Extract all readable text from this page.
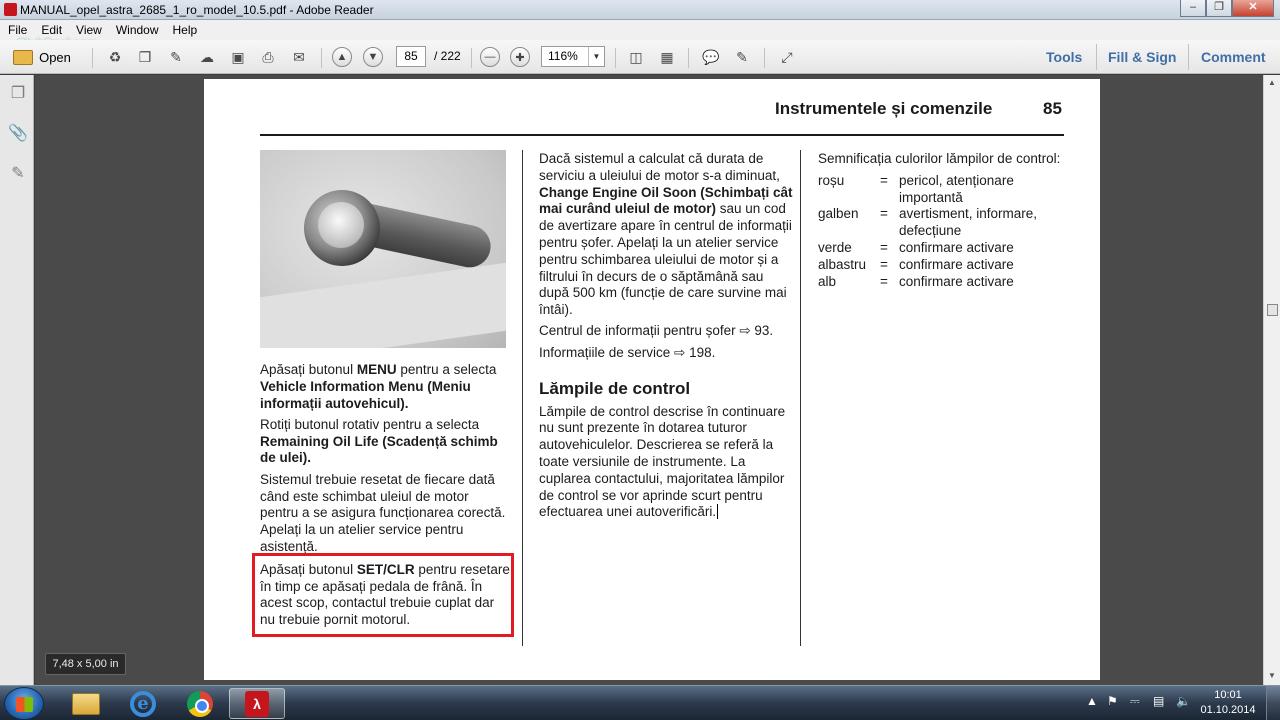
MANUAL_opel_astra_2685_1_ro_model_10.5.pdf - Adobe Reader	–	❐	✕
File Edit View Window Help
Open	♻	❐	✎	☁	▣	⎙	✉	▲	▼	—	✚	◫	▦	💬	✎	⤢
85	/ 222	116%	▼	Tools Fill & Sign Comment
❐
📎
✎
▲
▼
Instrumentele și comenzile	85

Apăsați butonul MENU pentru a selecta Vehicle Information Menu (Meniu informații autovehicul).

Rotiți butonul rotativ pentru a selecta Remaining Oil Life (Scadență schimb de ulei).

Sistemul trebuie resetat de fiecare dată când este schimbat uleiul de motor pentru a se asigura funcționarea corectă. Apelați la un atelier service pentru asistență.

Apăsați butonul SET/CLR pentru resetare în timp ce apăsați pedala de frână. În acest scop, contactul trebuie cuplat dar nu trebuie pornit motorul.

Dacă sistemul a calculat că durata de serviciu a uleiului de motor s-a diminuat, Change Engine Oil Soon (Schimbați cât mai curând uleiul de motor) sau un cod de avertizare apare în centrul de informații pentru șofer. Apelați la un atelier service pentru schimbarea uleiului de motor și a filtrului în decurs de o săptămână sau după 500 km (funcție de care survine mai întâi).

Centrul de informații pentru șofer ⇨ 93.

Informațiile de service ⇨ 198.

Lămpile de control

Lămpile de control descrise în continuare nu sunt prezente în dotarea tuturor autovehiculelor. Descrierea se referă la toate versiunile de instrumente. La cuplarea contactului, majoritatea lămpilor de control se vor aprinde scurt pentru efectuarea unei autoverificări.

Semnificația culorilor lămpilor de control:

roșu	= pericol, atenționare importantă
galben	= avertisment, informare, defecțiune
verde	= confirmare activare
albastru	= confirmare activare
alb	= confirmare activare
7,48 x 5,00 in
e	λ	▲ ⚑ ⎓ ▤ 🔈	10:01
01.10.2014
